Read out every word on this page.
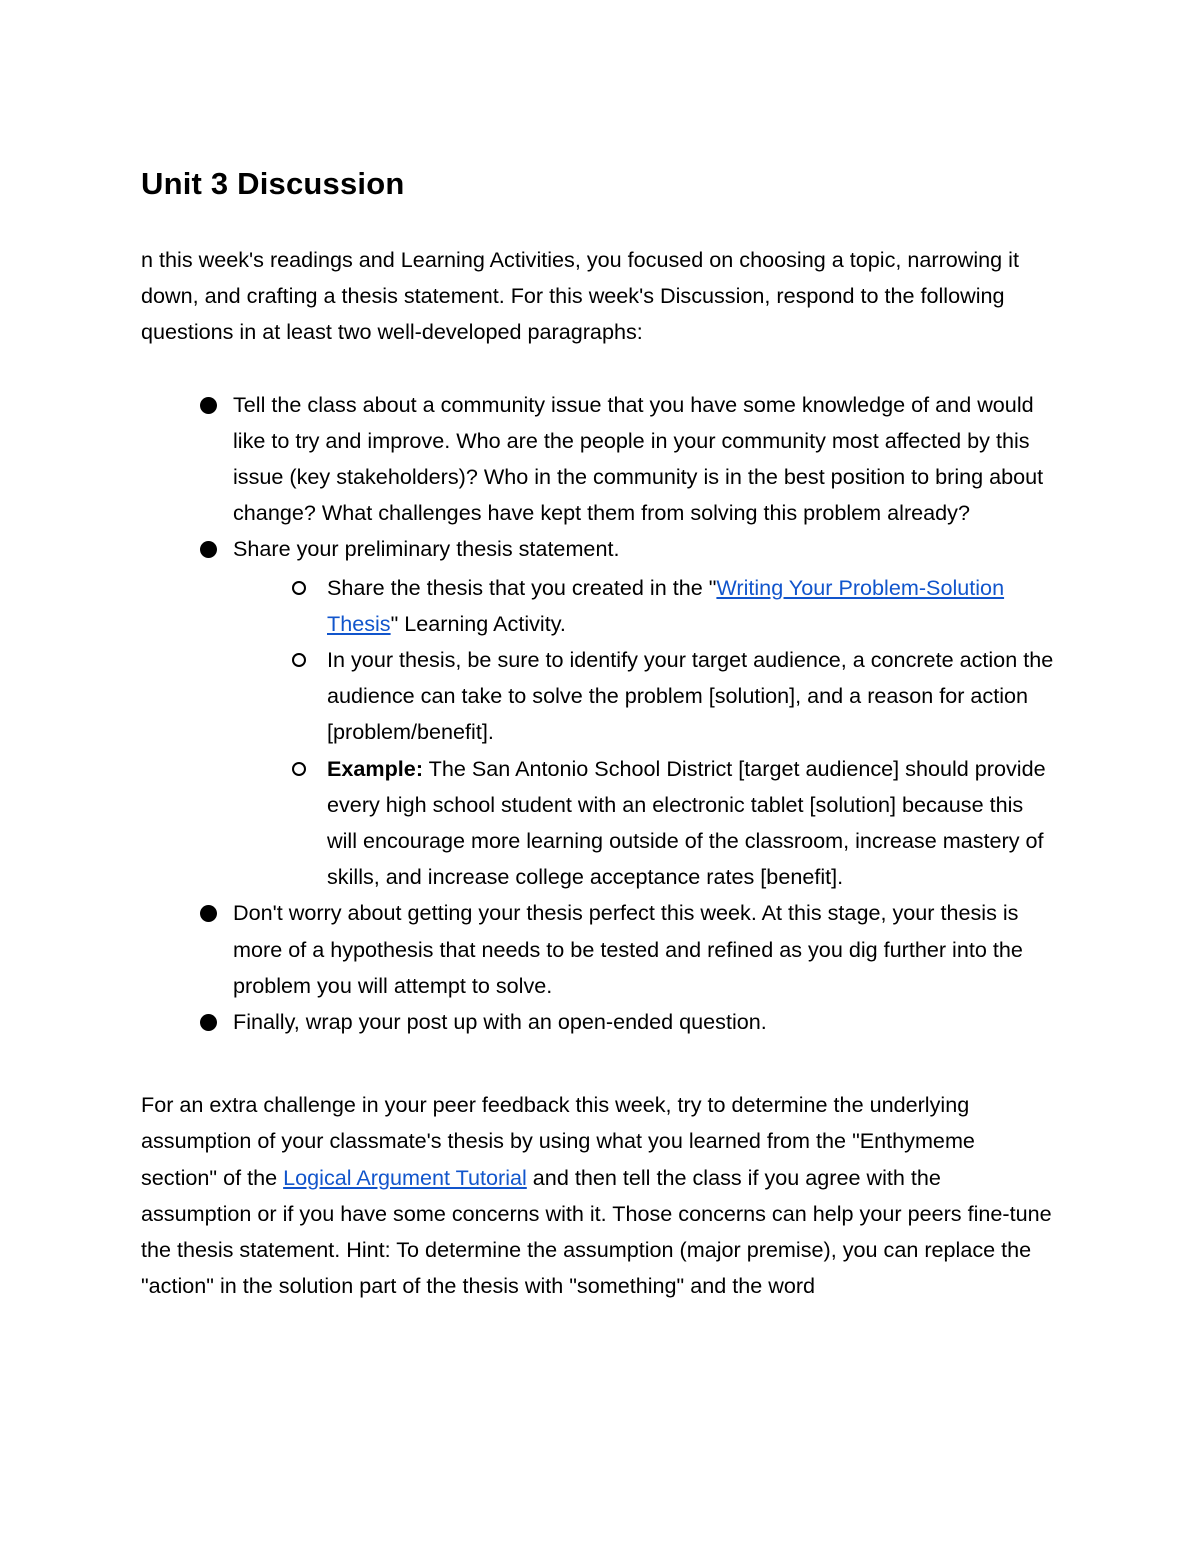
Unit 3 Discussion

n this week's readings and Learning Activities, you focused on choosing a topic, narrowing it down, and crafting a thesis statement. For this week's Discussion, respond to the following questions in at least two well-developed paragraphs:

Tell the class about a community issue that you have some knowledge of and would like to try and improve. Who are the people in your community most affected by this issue (key stakeholders)? Who in the community is in the best position to bring about change? What challenges have kept them from solving this problem already?
Share your preliminary thesis statement.
Share the thesis that you created in the "Writing Your Problem-Solution Thesis" Learning Activity.
In your thesis, be sure to identify your target audience, a concrete action the audience can take to solve the problem [solution], and a reason for action [problem/benefit].
Example: The San Antonio School District [target audience] should provide every high school student with an electronic tablet [solution] because this will encourage more learning outside of the classroom, increase mastery of skills, and increase college acceptance rates [benefit].
Don't worry about getting your thesis perfect this week. At this stage, your thesis is more of a hypothesis that needs to be tested and refined as you dig further into the problem you will attempt to solve.
Finally, wrap your post up with an open-ended question.

For an extra challenge in your peer feedback this week, try to determine the underlying assumption of your classmate's thesis by using what you learned from the "Enthymeme section" of the Logical Argument Tutorial and then tell the class if you agree with the assumption or if you have some concerns with it. Those concerns can help your peers fine-tune the thesis statement. Hint: To determine the assumption (major premise), you can replace the "action" in the solution part of the thesis with "something" and the word
